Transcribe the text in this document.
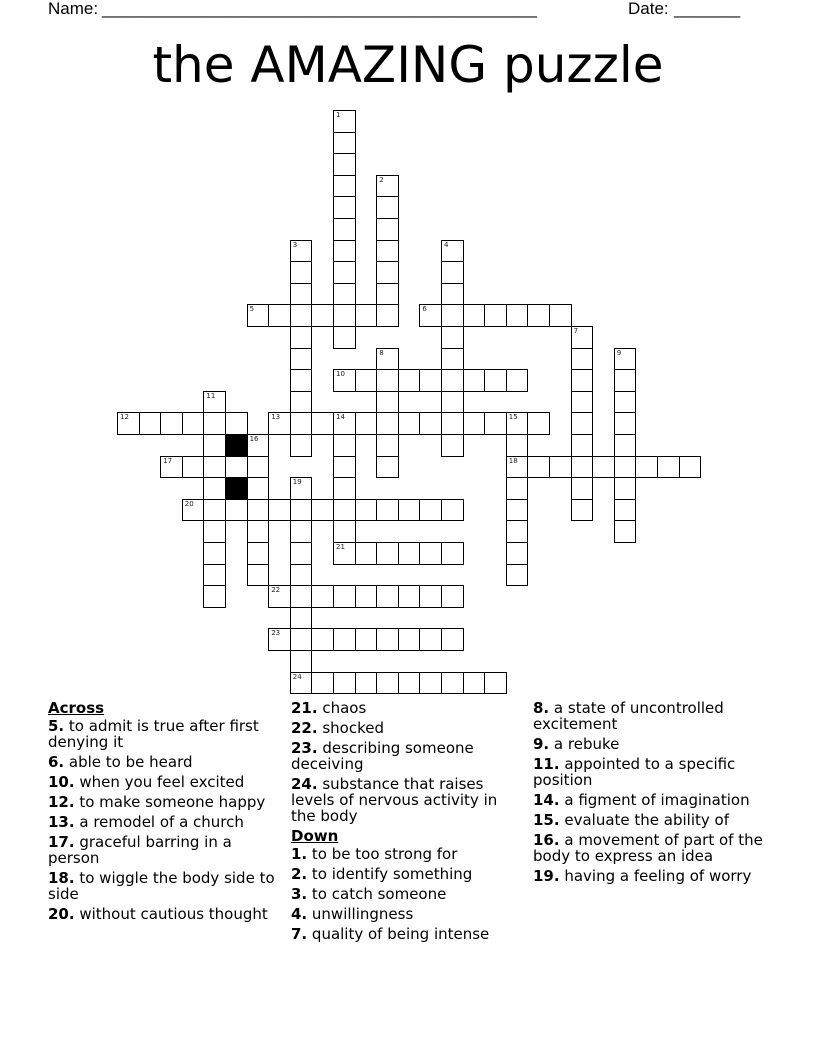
Name: ______________________________________________	Date: _______
the AMAZING puzzle
1
2
3	4
5	6
7
8	9
10
11
12	13	14	15
18
16
17
19
24
20
21
22
23
Across
5. to admit is true after first denying it
6. able to be heard
10. when you feel excited
12. to make someone happy
13. a remodel of a church
17. graceful barring in a person
18. to wiggle the body side to side
20. without cautious thought
21. chaos
22. shocked
23. describing someone deceiving
24. substance that raises levels of nervous activity in the body
Down
1. to be too strong for
2. to identify something
3. to catch someone
4. unwillingness
7. quality of being intense
8. a state of uncontrolled excitement
9. a rebuke
11. appointed to a specific position
14. a figment of imagination
15. evaluate the ability of
16. a movement of part of the body to express an idea
19. having a feeling of worry
